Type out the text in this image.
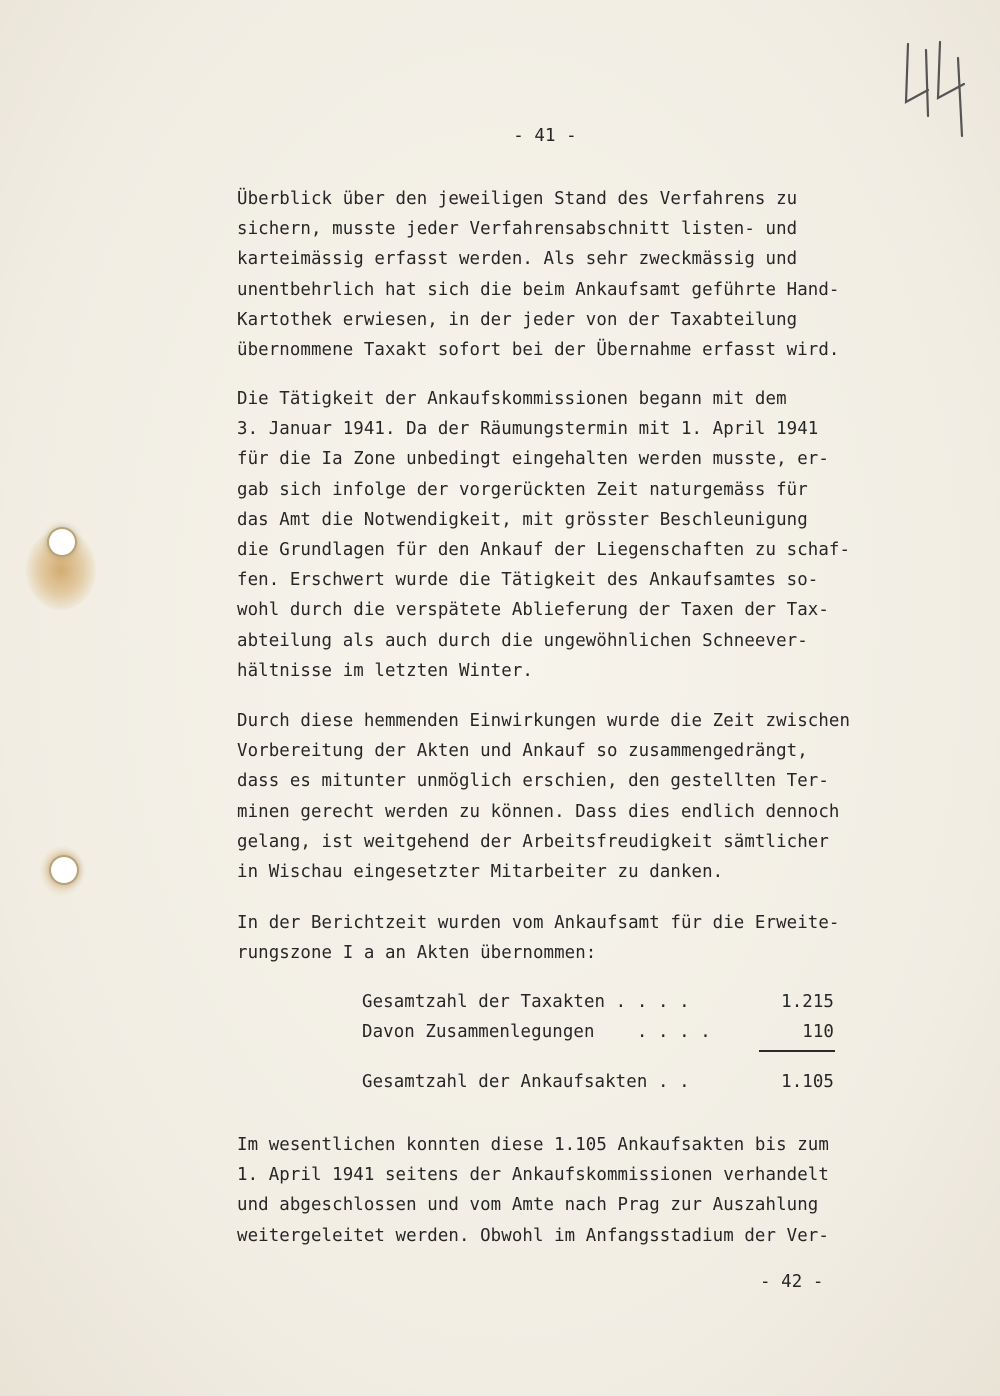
- 41 -

Überblick über den jeweiligen Stand des Verfahrens zu
sichern, musste jeder Verfahrensabschnitt listen- und
karteimässig erfasst werden. Als sehr zweckmässig und
unentbehrlich hat sich die beim Ankaufsamt geführte Hand-
Kartothek erwiesen, in der jeder von der Taxabteilung
übernommene Taxakt sofort bei der Übernahme erfasst wird.

Die Tätigkeit der Ankaufskommissionen begann mit dem
3. Januar 1941. Da der Räumungstermin mit 1. April 1941
für die Ia Zone unbedingt eingehalten werden musste, er-
gab sich infolge der vorgerückten Zeit naturgemäss für
das Amt die Notwendigkeit, mit grösster Beschleunigung
die Grundlagen für den Ankauf der Liegenschaften zu schaf-
fen. Erschwert wurde die Tätigkeit des Ankaufsamtes so-
wohl durch die verspätete Ablieferung der Taxen der Tax-
abteilung als auch durch die ungewöhnlichen Schneever-
hältnisse im letzten Winter.

Durch diese hemmenden Einwirkungen wurde die Zeit zwischen
Vorbereitung der Akten und Ankauf so zusammengedrängt,
dass es mitunter unmöglich erschien, den gestellten Ter-
minen gerecht werden zu können. Dass dies endlich dennoch
gelang, ist weitgehend der Arbeitsfreudigkeit sämtlicher
in Wischau eingesetzter Mitarbeiter zu danken.

In der Berichtzeit wurden vom Ankaufsamt für die Erweite-
rungszone I a an Akten übernommen:

Gesamtzahl der Taxakten . . . .	1.215
Davon Zusammenlegungen    . . . .	110
Gesamtzahl der Ankaufsakten . .	1.105

Im wesentlichen konnten diese 1.105 Ankaufsakten bis zum
1. April 1941 seitens der Ankaufskommissionen verhandelt
und abgeschlossen und vom Amte nach Prag zur Auszahlung
weitergeleitet werden. Obwohl im Anfangsstadium der Ver-

- 42 -
